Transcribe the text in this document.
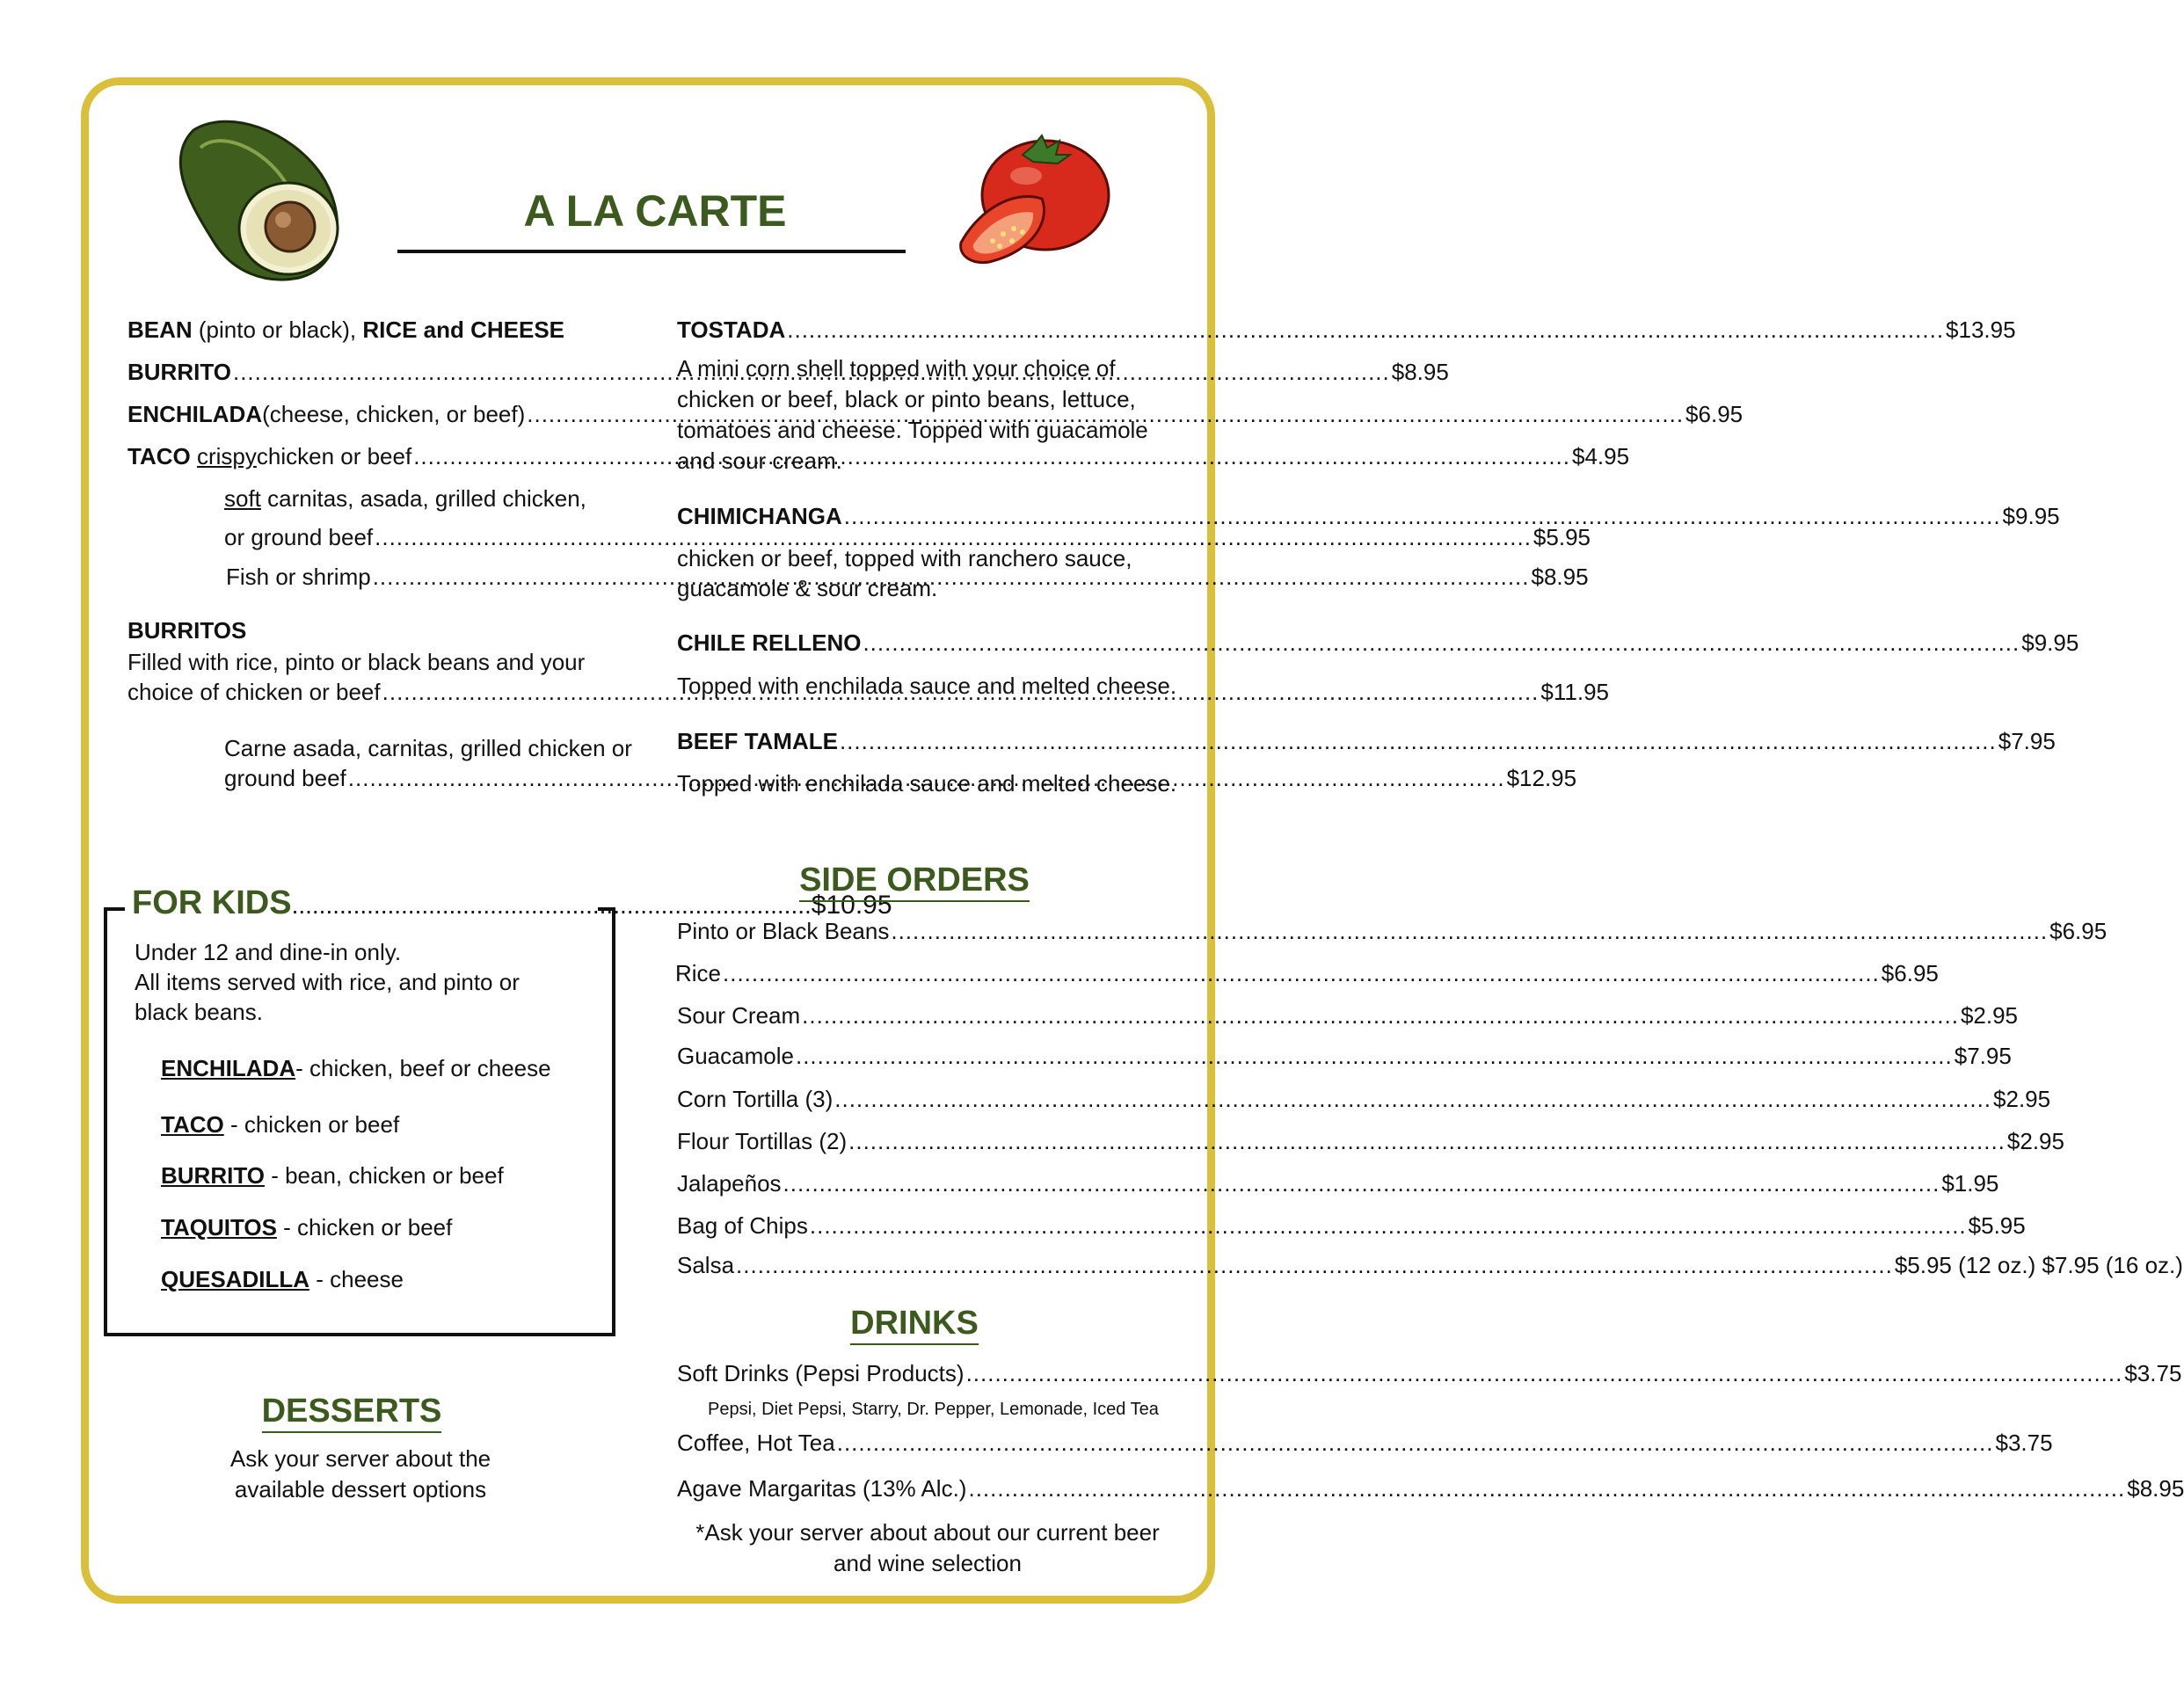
A LA CARTE
BEAN (pinto or black), RICE and CHEESE
BURRITO .....	$8.95
ENCHILADA (cheese, chicken, or beef) .....	$6.95
TACO
crispy chicken or beef .....	$4.95
soft carnitas, asada, grilled chicken,
or ground beef .....	$5.95
Fish or shrimp .....	$8.95
BURRITOS
Filled with rice, pinto or black beans and your
choice of chicken or beef .....	$11.95
Carne asada, carnitas, grilled chicken or
ground beef .....	$12.95
TOSTADA .....	$13.95
A mini corn shell topped with your choice of
chicken or beef, black or pinto beans, lettuce,
tomatoes and cheese. Topped with guacamole
and sour cream.
CHIMICHANGA .....	$9.95
chicken or beef, topped with ranchero sauce,
guacamole & sour cream.
CHILE RELLENO .....	$9.95
Topped with enchilada sauce and melted cheese.
BEEF TAMALE .....	$7.95
Topped with enchilada sauce and melted cheese.
FOR KIDS ............................................................................ $10.95
Under 12 and dine-in only.
All items served with rice, and pinto or
black beans.
ENCHILADA- chicken, beef or cheese
TACO - chicken or beef
BURRITO - bean, chicken or beef
TAQUITOS - chicken or beef
QUESADILLA - cheese
DESSERTS
Ask your server about the
available dessert options
SIDE ORDERS
Pinto or Black Beans .....	$6.95
Rice .....	$6.95
Sour Cream .....	$2.95
Guacamole .....	$7.95
Corn Tortilla (3) .....	$2.95
Flour Tortillas (2) .....	$2.95
Jalapeños .....	$1.95
Bag of Chips .....	$5.95
Salsa .....	$5.95 (12 oz.) $7.95 (16 oz.)
DRINKS
Soft Drinks (Pepsi Products) .....	$3.75
Pepsi, Diet Pepsi, Starry, Dr. Pepper, Lemonade, Iced Tea
Coffee, Hot Tea .....	$3.75
Agave Margaritas (13% Alc.) .....	$8.95
*Ask your server about about our current beer
and wine selection
